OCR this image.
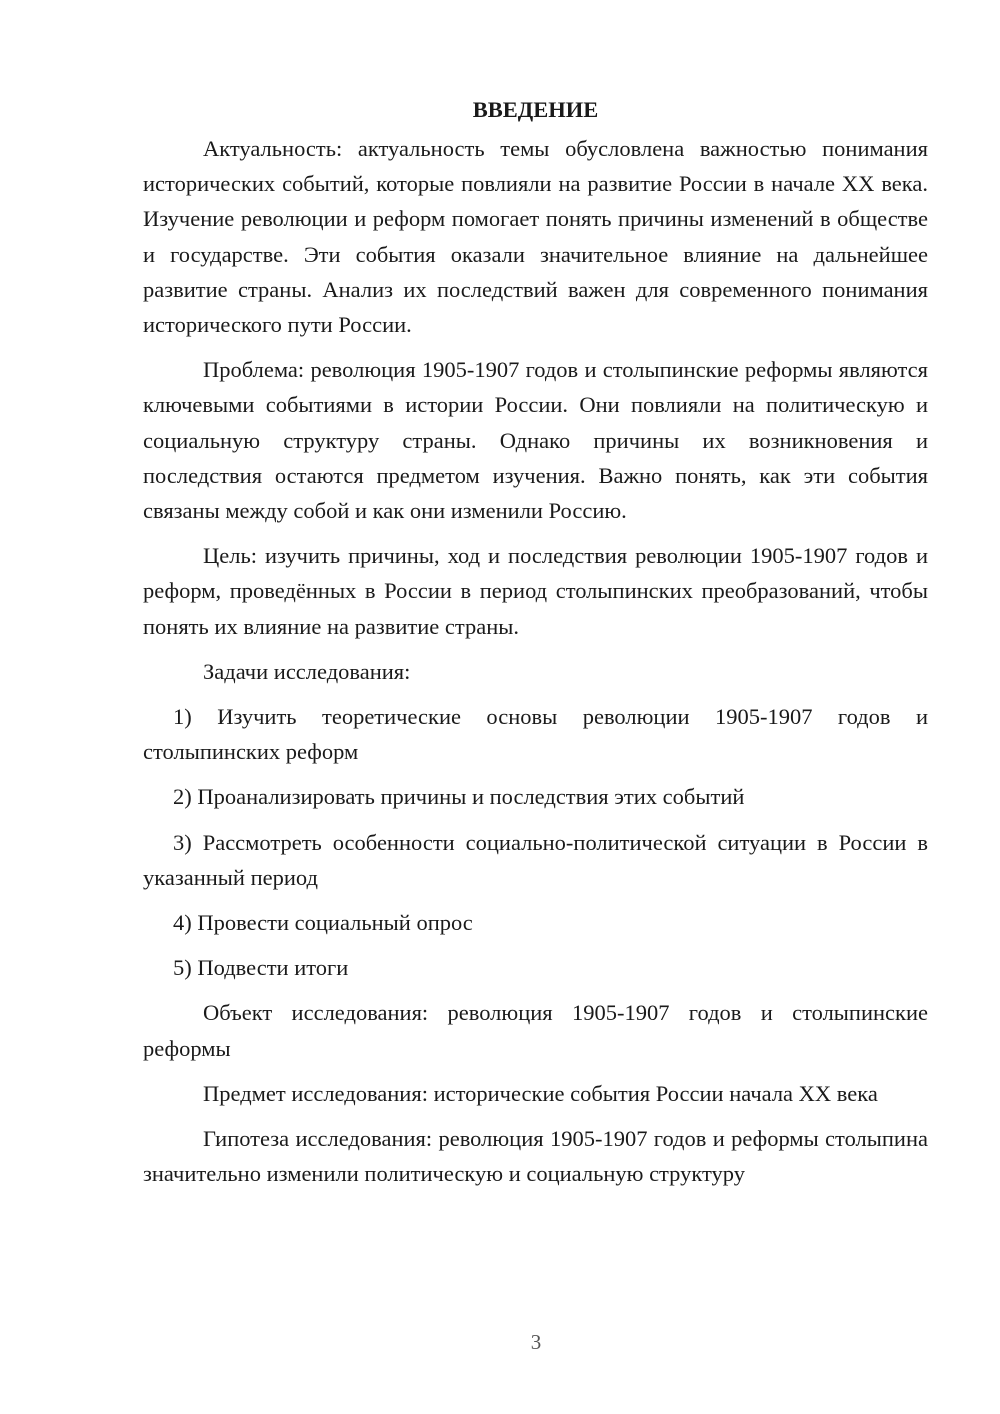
ВВЕДЕНИЕ

Актуальность: актуальность темы обусловлена важностью понимания исторических событий, которые повлияли на развитие России в начале XX века. Изучение революции и реформ помогает понять причины изменений в обществе и государстве. Эти события оказали значительное влияние на дальнейшее развитие страны. Анализ их последствий важен для современного понимания исторического пути России.

Проблема: революция 1905-1907 годов и столыпинские реформы являются ключевыми событиями в истории России. Они повлияли на политическую и социальную структуру страны. Однако причины их возникновения и последствия остаются предметом изучения. Важно понять, как эти события связаны между собой и как они изменили Россию.

Цель: изучить причины, ход и последствия революции 1905-1907 годов и реформ, проведённых в России в период столыпинских преобразований, чтобы понять их влияние на развитие страны.

Задачи исследования:

1) Изучить теоретические основы революции 1905-1907 годов и столыпинских реформ

2) Проанализировать причины и последствия этих событий

3) Рассмотреть особенности социально-политической ситуации в России в указанный период

4) Провести социальный опрос

5) Подвести итоги

Объект исследования: революция 1905-1907 годов и столыпинские реформы

Предмет исследования: исторические события России начала XX века

Гипотеза исследования: революция 1905-1907 годов и реформы столыпина значительно изменили политическую и социальную структуру

3
